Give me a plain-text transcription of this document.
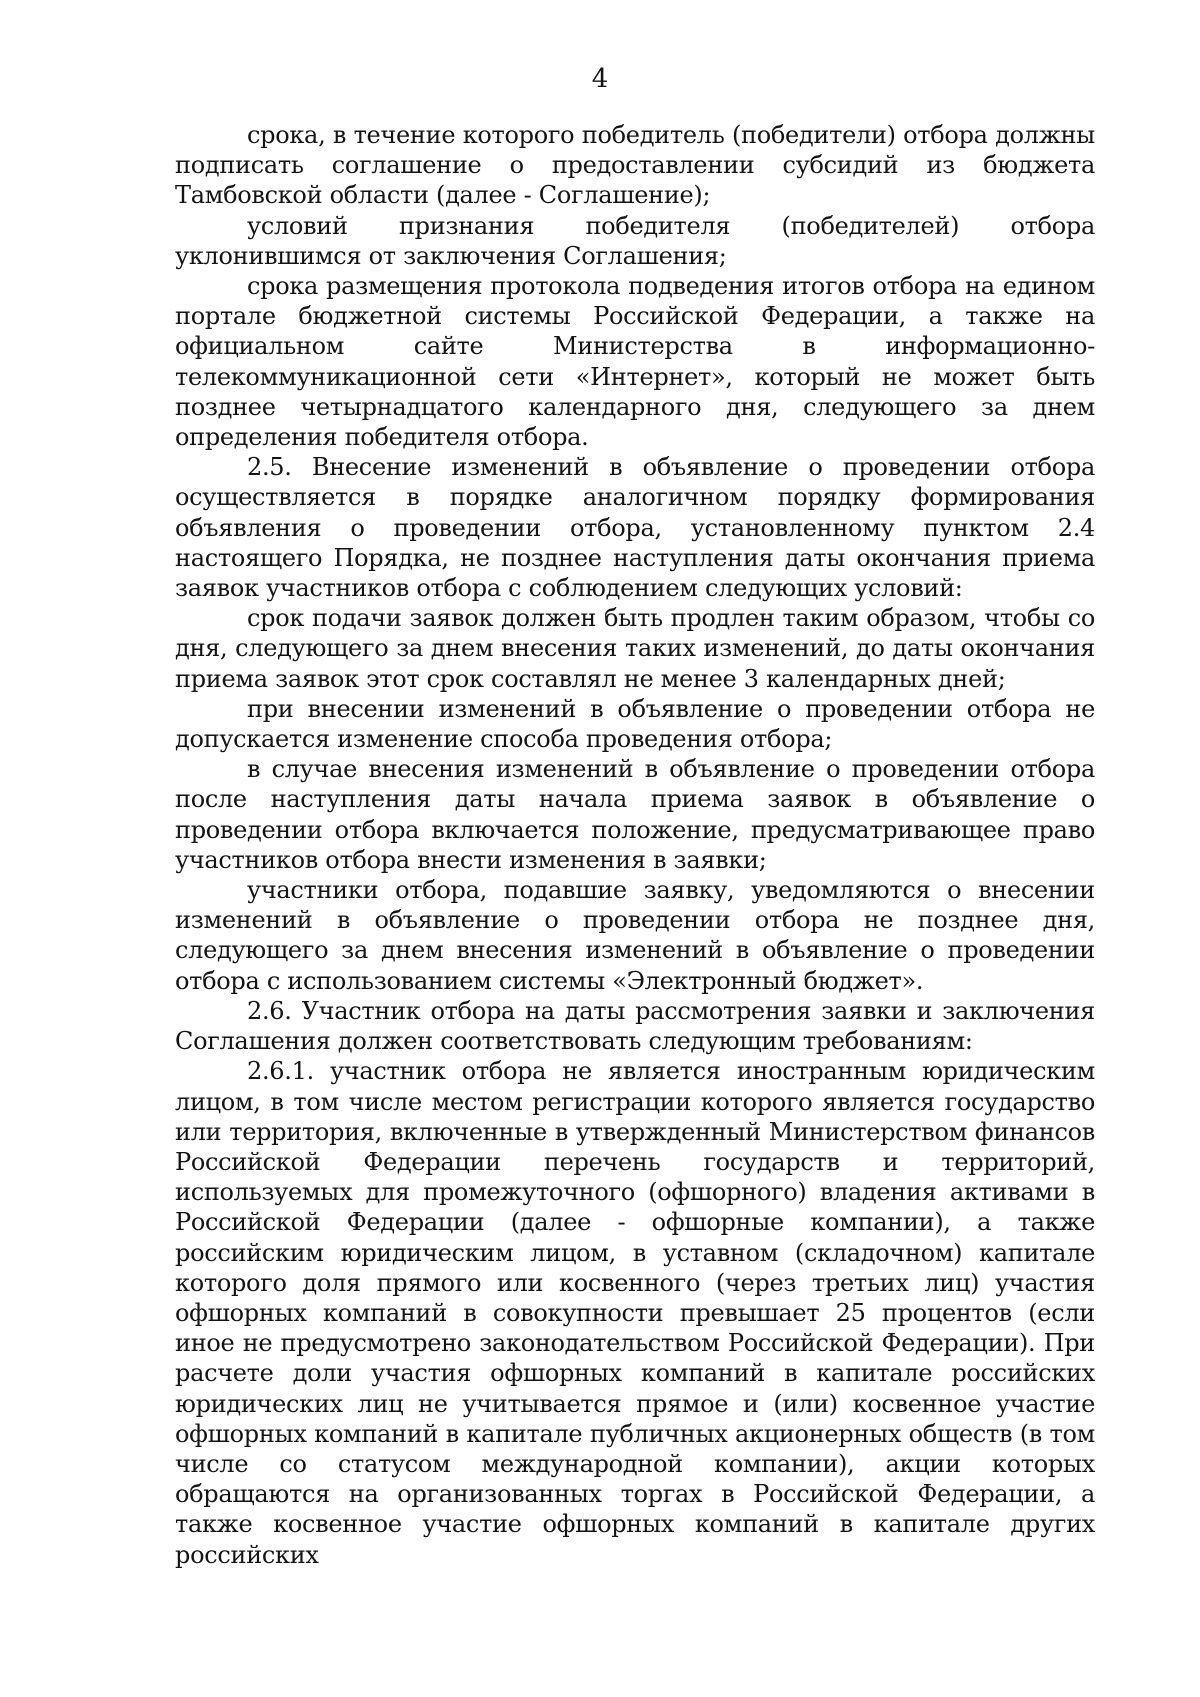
4

срока, в течение которого победитель (победители) отбора должны подписать соглашение о предоставлении субсидий из бюджета Тамбовской области (далее - Соглашение);

условий признания победителя (победителей) отбора уклонившимся от заключения Соглашения;

срока размещения протокола подведения итогов отбора на едином портале бюджетной системы Российской Федерации, а также на официальном сайте Министерства в информационно-телекоммуникационной сети «Интернет», который не может быть позднее четырнадцатого календарного дня, следующего за днем определения победителя отбора.

2.5. Внесение изменений в объявление о проведении отбора осуществляется в порядке аналогичном порядку формирования объявления о проведении отбора, установленному пунктом 2.4 настоящего Порядка, не позднее наступления даты окончания приема заявок участников отбора с соблюдением следующих условий:

срок подачи заявок должен быть продлен таким образом, чтобы со дня, следующего за днем внесения таких изменений, до даты окончания приема заявок этот срок составлял не менее 3 календарных дней;

при внесении изменений в объявление о проведении отбора не допускается изменение способа проведения отбора;

в случае внесения изменений в объявление о проведении отбора после наступления даты начала приема заявок в объявление о проведении отбора включается положение, предусматривающее право участников отбора внести изменения в заявки;

участники отбора, подавшие заявку, уведомляются о внесении изменений в объявление о проведении отбора не позднее дня, следующего за днем внесения изменений в объявление о проведении отбора с использованием системы «Электронный бюджет».

2.6. Участник отбора на даты рассмотрения заявки и заключения Соглашения должен соответствовать следующим требованиям:

2.6.1. участник отбора не является иностранным юридическим лицом, в том числе местом регистрации которого является государство или территория, включенные в утвержденный Министерством финансов Российской Федерации перечень государств и территорий, используемых для промежуточного (офшорного) владения активами в Российской Федерации (далее - офшорные компании), а также российским юридическим лицом, в уставном (складочном) капитале которого доля прямого или косвенного (через третьих лиц) участия офшорных компаний в совокупности превышает 25 процентов (если иное не предусмотрено законодательством Российской Федерации). При расчете доли участия офшорных компаний в капитале российских юридических лиц не учитывается прямое и (или) косвенное участие офшорных компаний в капитале публичных акционерных обществ (в том числе со статусом международной компании), акции которых обращаются на организованных торгах в Российской Федерации, а также косвенное участие офшорных компаний в капитале других российских
